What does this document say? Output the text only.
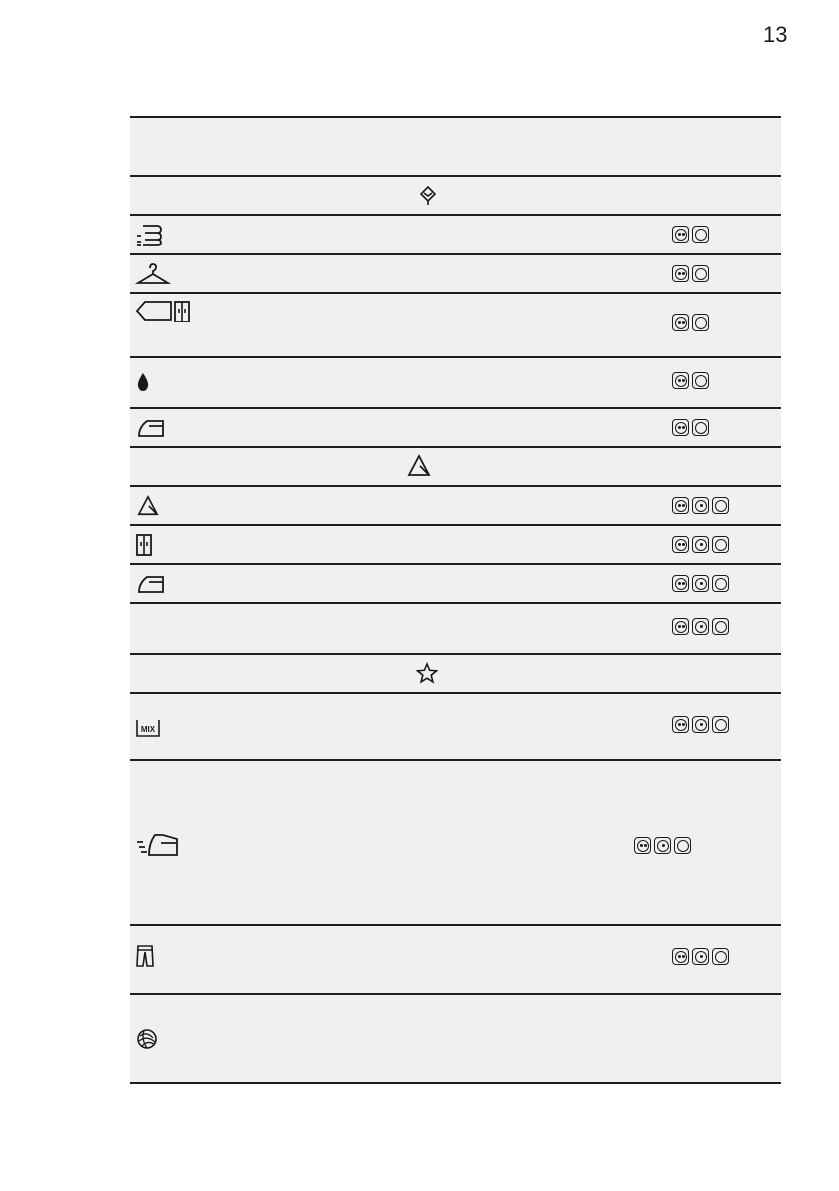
13
MIX
